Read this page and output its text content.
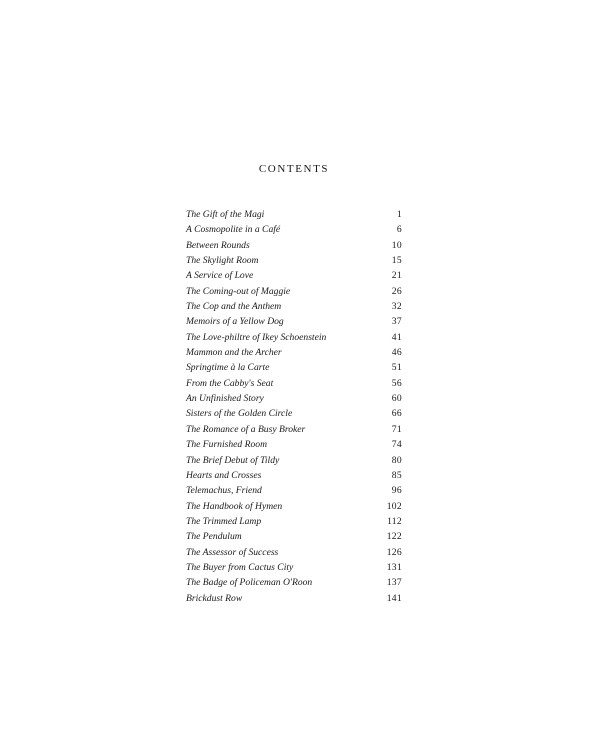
CONTENTS
The Gift of the Magi	1
A Cosmopolite in a Café	6
Between Rounds	10
The Skylight Room	15
A Service of Love	21
The Coming-out of Maggie	26
The Cop and the Anthem	32
Memoirs of a Yellow Dog	37
The Love-philtre of Ikey Schoenstein	41
Mammon and the Archer	46
Springtime à la Carte	51
From the Cabby's Seat	56
An Unfinished Story	60
Sisters of the Golden Circle	66
The Romance of a Busy Broker	71
The Furnished Room	74
The Brief Debut of Tildy	80
Hearts and Crosses	85
Telemachus, Friend	96
The Handbook of Hymen	102
The Trimmed Lamp	112
The Pendulum	122
The Assessor of Success	126
The Buyer from Cactus City	131
The Badge of Policeman O'Roon	137
Brickdust Row	141
